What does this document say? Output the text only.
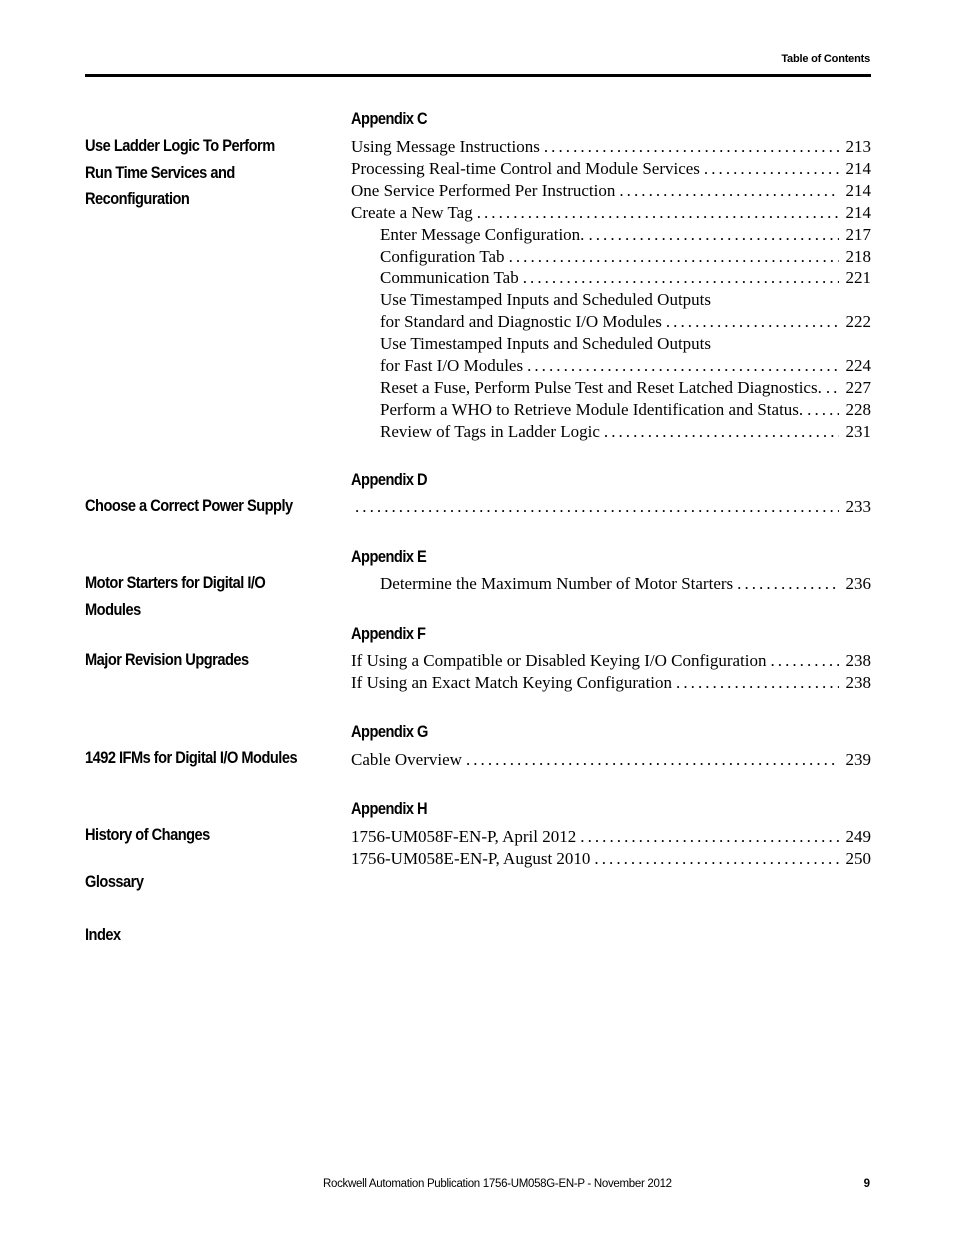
Table of Contents
Appendix C
Use Ladder Logic To Perform
Run Time Services and
Reconfiguration
Using Message Instructions . . .	213
Processing Real-time Control and Module Services . . .	214
One Service Performed Per Instruction . . .	214
Create a New Tag . . .	214
Enter Message Configuration. . . .	217
Configuration Tab . . .	218
Communication Tab . . .	221
Use Timestamped Inputs and Scheduled Outputs
for Standard and Diagnostic I/O Modules . . .	222
Use Timestamped Inputs and Scheduled Outputs
for Fast I/O Modules . . .	224
Reset a Fuse, Perform Pulse Test and Reset Latched Diagnostics. . . . 227
Perform a WHO to Retrieve Module Identification and Status. . . . 228
Review of Tags in Ladder Logic . . .	231
Appendix D
Choose a Correct Power Supply . . .	233
Appendix E
Motor Starters for Digital I/O Modules
Determine the Maximum Number of Motor Starters . . .	236
Appendix F
Major Revision Upgrades	If Using a Compatible or Disabled Keying I/O Configuration . . .	238
If Using an Exact Match Keying Configuration . . .	238
Appendix G
1492 IFMs for Digital I/O Modules	Cable Overview . . .	239
Appendix H
History of Changes	1756-UM058F-EN-P, April 2012 . . .	249
1756-UM058E-EN-P, August 2010 . . .	250
Glossary
Index
Rockwell Automation Publication 1756-UM058G-EN-P - November 2012	9
